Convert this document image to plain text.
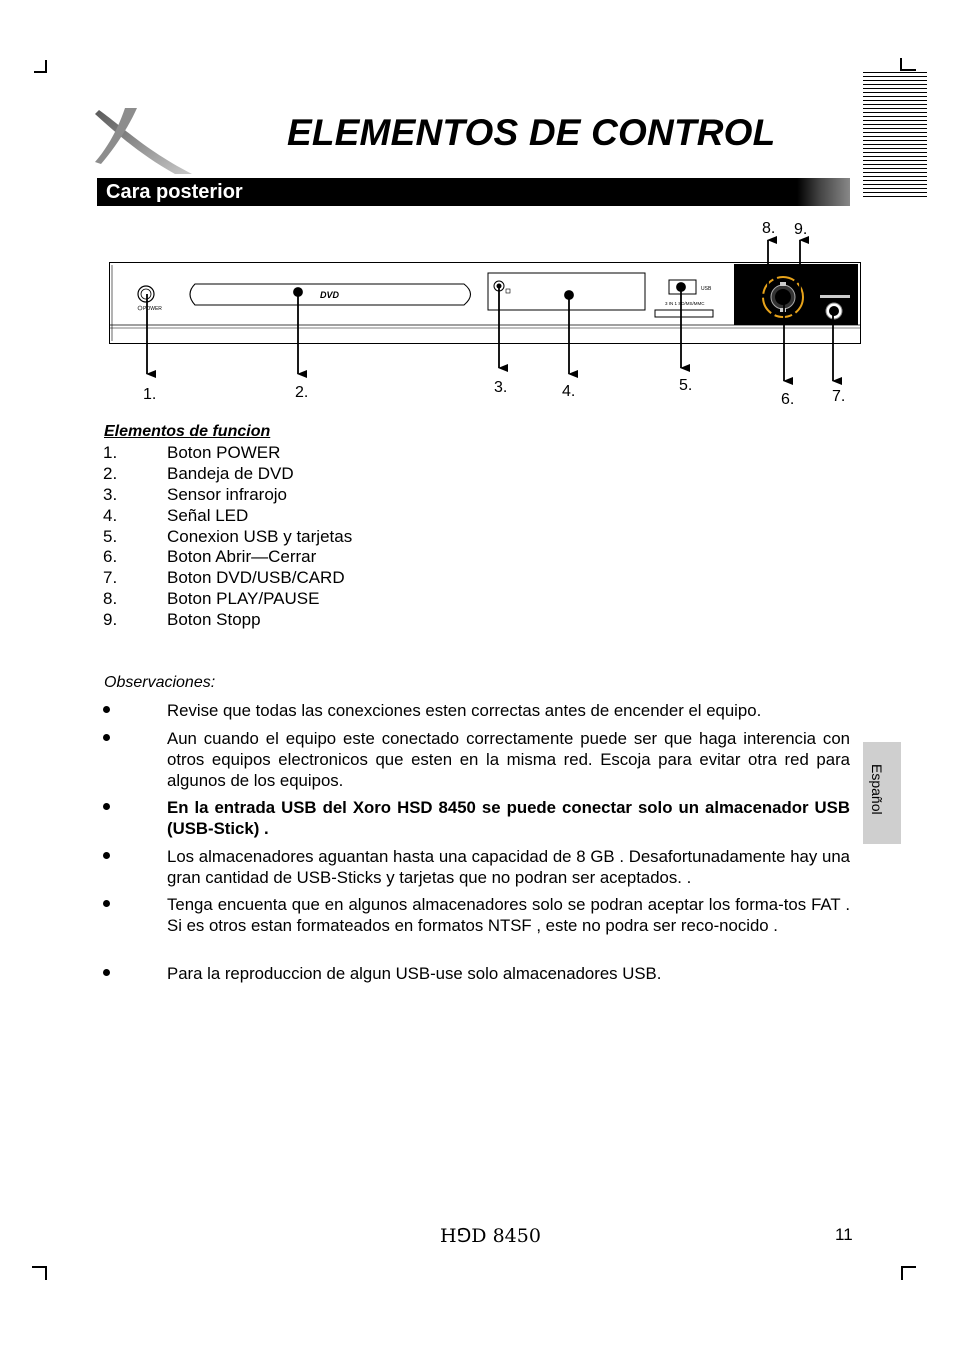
ELEMENTOS DE CONTROL
Cara posterior
POWER
DVD
USB
3 IN 1 SD/MS/MMC
1.	2.	3.	4.	5.
6. 7.
8. 9.
Elementos de funcion
1.	Boton POWER
2.	Bandeja de DVD
3.	Sensor infrarojo
4.	Señal LED
5.	Conexion USB y tarjetas
6.	Boton Abrir—Cerrar
7.	Boton DVD/USB/CARD
8.	Boton PLAY/PAUSE
9.	Boton Stopp
Observaciones:
Revise que todas las conexciones esten correctas antes de encender el equipo.
Aun cuando el equipo este conectado correctamente puede ser que haga interencia con otros equipos electronicos que esten en la misma red. Escoja para evitar otra red para algunos de los equipos.
En la entrada USB del Xoro HSD 8450 se puede conectar solo un almacenador USB (USB-Stick) .
Los almacenadores aguantan hasta una capacidad de 8 GB . Desafortunadamente hay una gran cantidad de USB-Sticks y tarjetas que no podran ser aceptados. .
Tenga encuenta que en algunos almacenadores solo se podran aceptar los forma-tos FAT . Si es otros estan formateados en formatos NTSF , este no podra ser reco-nocido .
Para la reproduccion de algun USB-use solo almacenadores USB.
Español
H⅁D 8450	11
